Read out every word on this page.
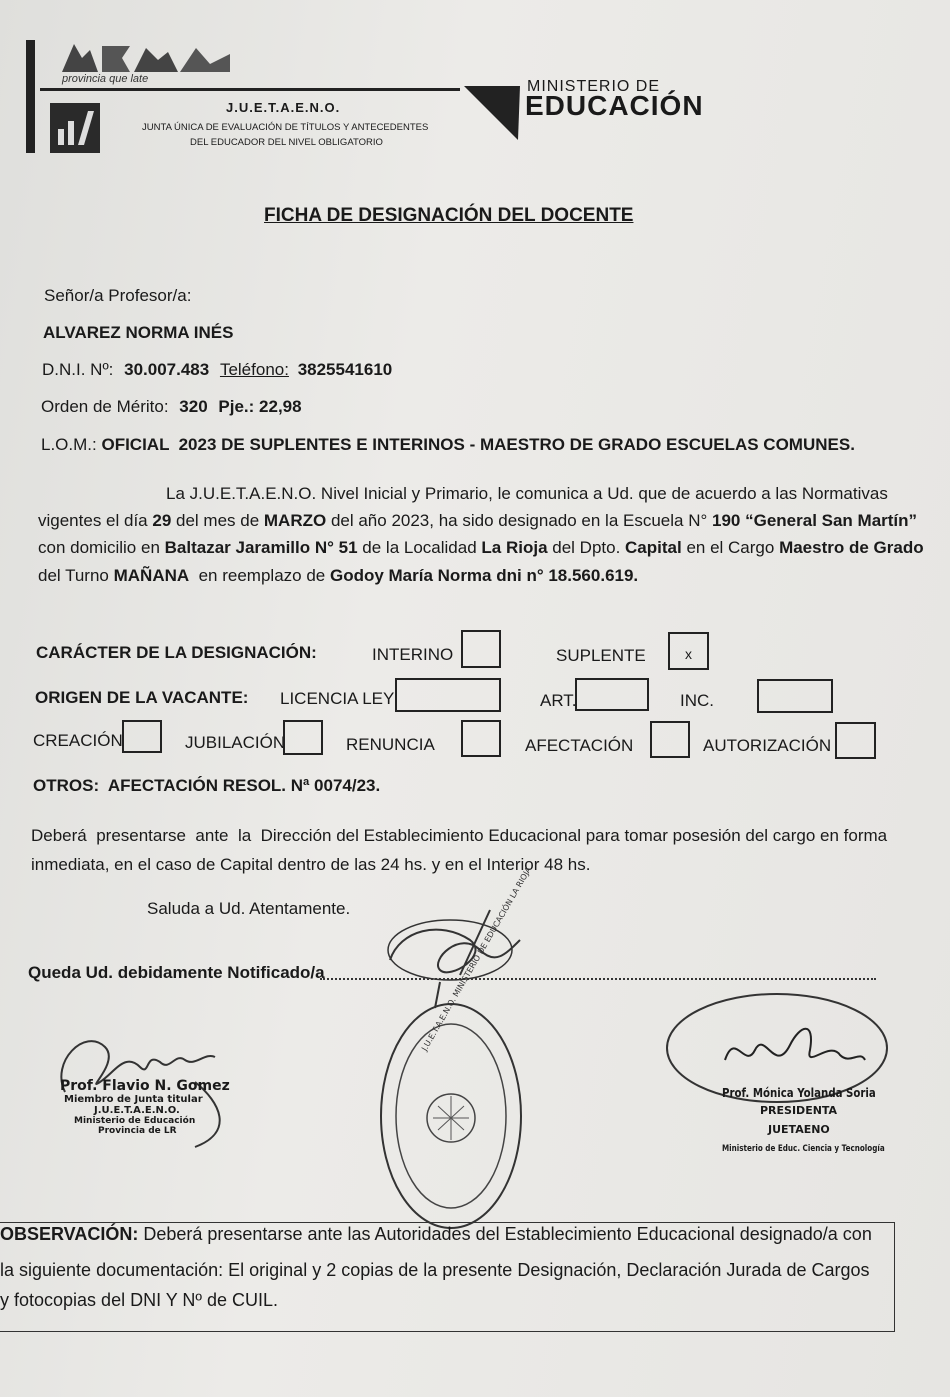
provincia que late
J.U.E.T.A.E.N.O.
JUNTA ÚNICA DE EVALUACIÓN DE TÍTULOS Y ANTECEDENTES
DEL EDUCADOR DEL NIVEL OBLIGATORIO
MINISTERIO DE
EDUCACIÓN
FICHA DE DESIGNACIÓN DEL DOCENTE
Señor/a Profesor/a:
ALVAREZ NORMA INÉS
D.N.I. Nº: 30.007.483 Teléfono: 3825541610
Orden de Mérito: 320 Pje.: 22,98
L.O.M.: OFICIAL  2023 DE SUPLENTES E INTERINOS - MAESTRO DE GRADO ESCUELAS COMUNES.
La J.U.E.T.A.E.N.O. Nivel Inicial y Primario, le comunica a Ud. que de acuerdo a las Normativas
vigentes el día 29 del mes de MARZO del año 2023, ha sido designado en la Escuela N° 190 “General San Martín”
con domicilio en Baltazar Jaramillo N° 51 de la Localidad La Rioja del Dpto. Capital en el Cargo Maestro de Grado
del Turno MAÑANA  en reemplazo de Godoy María Norma dni n° 18.560.619.
CARÁCTER DE LA DESIGNACIÓN:	INTERINO	SUPLENTE	x
ORIGEN DE LA VACANTE: LICENCIA LEY	ART.	INC.
CREACIÓN	JUBILACIÓN	RENUNCIA	AFECTACIÓN	AUTORIZACIÓN
OTROS: AFECTACIÓN RESOL. Nª 0074/23.
Deberá  presentarse  ante  la  Dirección del Establecimiento Educacional para tomar posesión del cargo en forma
inmediata, en el caso de Capital dentro de las 24 hs. y en el Interior 48 hs.
Saluda a Ud. Atentamente.
Queda Ud. debidamente Notificado/a
Prof. Flavio N. Gomez
Miembro de Junta titular
J.U.E.T.A.E.N.O.
Ministerio de Educación
Provincia de LR
J.U.E.T.A.E.N.O. MINISTERIO DE EDUCACIÓN LA RIOJA
Prof. Mónica Yolanda Soria
PRESIDENTA
JUETAENO
Ministerio de Educ. Ciencia y Tecnología
OBSERVACIÓN: Deberá presentarse ante las Autoridades del Establecimiento Educacional designado/a con
la siguiente documentación: El original y 2 copias de la presente Designación, Declaración Jurada de Cargos
y fotocopias del DNI Y Nº de CUIL.
